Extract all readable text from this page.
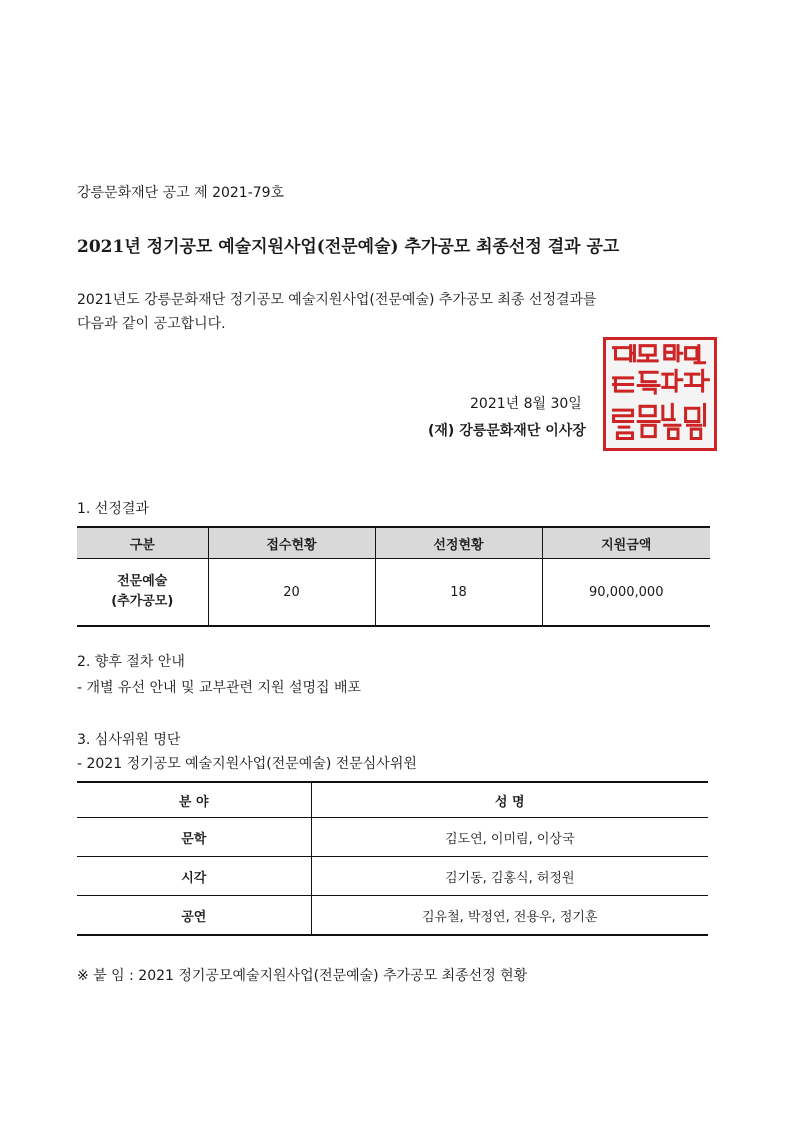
강릉문화재단 공고 제 2021-79호
2021년 정기공모 예술지원사업(전문예술) 추가공모 최종선정 결과 공고
2021년도 강릉문화재단 정기공모 예술지원사업(전문예술) 추가공모 최종 선정결과를
다음과 같이 공고합니다.
2021년 8월 30일
(재) 강릉문화재단 이사장
1. 선정결과
구분	접수현황	선정현황	지원금액

전문예술
(추가공모)	20	18	90,000,000
2. 향후 절차 안내
- 개별 유선 안내 및 교부관련 지원 설명집 배포
3. 심사위원 명단
- 2021 정기공모 예술지원사업(전문예술) 전문심사위원
분 야	성 명
문학	김도연, 이미림, 이상국
시각	김기동, 김홍식, 허정원
공연	김유철, 박정연, 전용우, 정기훈
※ 붙 임 : 2021 정기공모예술지원사업(전문예술) 추가공모 최종선정 현황
